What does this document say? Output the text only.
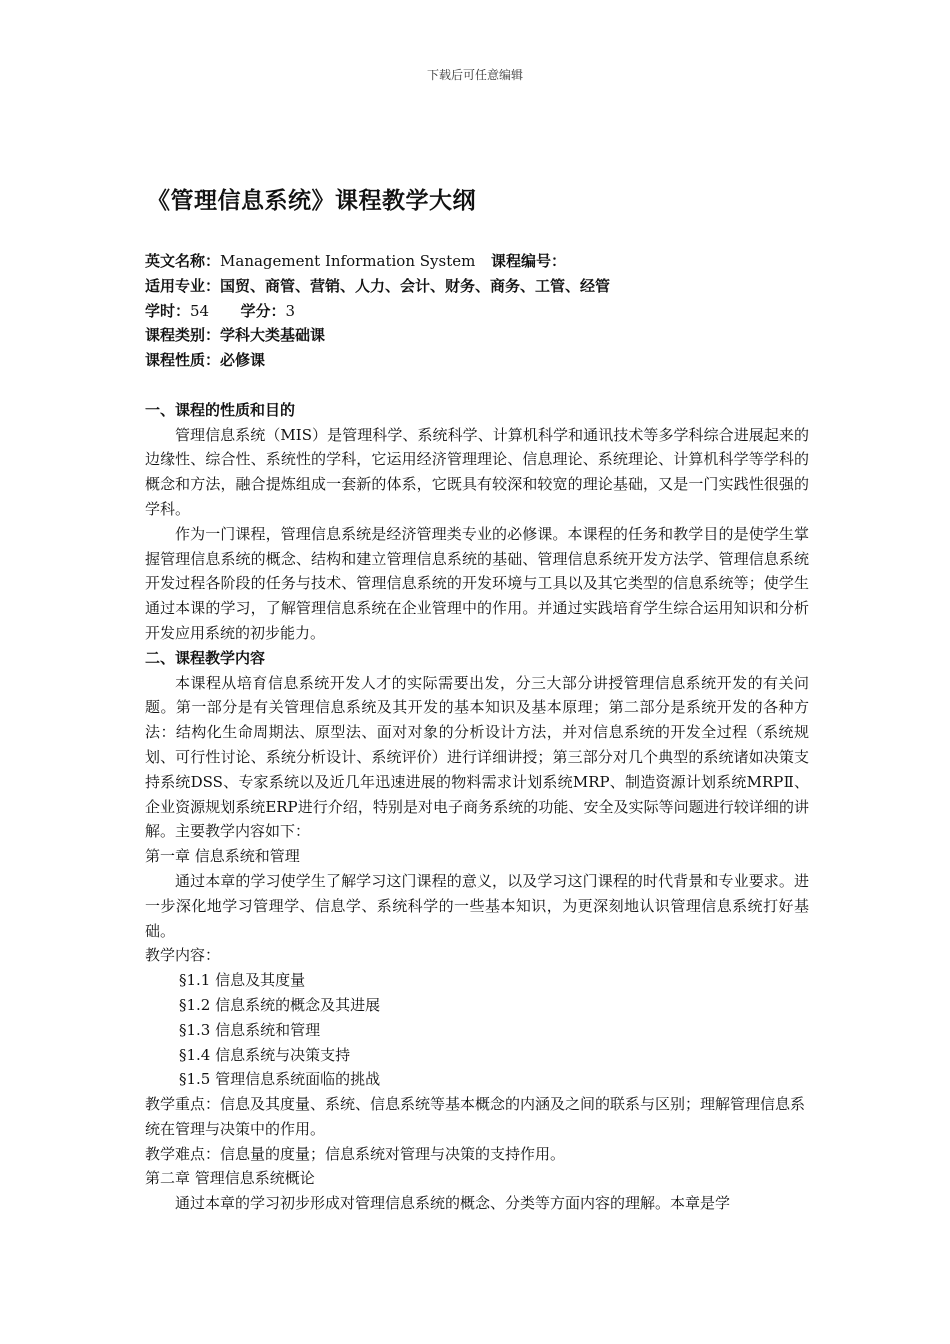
下载后可任意编辑
《管理信息系统》课程教学大纲

英文名称：Management Information System 课程编号：

适用专业：国贸、商管、营销、人力、会计、财务、商务、工管、经管

学时：54 学分：3

课程类别：学科大类基础课

课程性质：必修课

一、课程的性质和目的

管理信息系统（MIS）是管理科学、系统科学、计算机科学和通讯技术等多学科综合进展起来的边缘性、综合性、系统性的学科，它运用经济管理理论、信息理论、系统理论、计算机科学等学科的概念和方法，融合提炼组成一套新的体系，它既具有较深和较宽的理论基础，又是一门实践性很强的学科。

作为一门课程，管理信息系统是经济管理类专业的必修课。本课程的任务和教学目的是使学生掌握管理信息系统的概念、结构和建立管理信息系统的基础、管理信息系统开发方法学、管理信息系统开发过程各阶段的任务与技术、管理信息系统的开发环境与工具以及其它类型的信息系统等；使学生通过本课的学习，了解管理信息系统在企业管理中的作用。并通过实践培育学生综合运用知识和分析开发应用系统的初步能力。

二、课程教学内容

本课程从培育信息系统开发人才的实际需要出发，分三大部分讲授管理信息系统开发的有关问题。第一部分是有关管理信息系统及其开发的基本知识及基本原理；第二部分是系统开发的各种方法：结构化生命周期法、原型法、面对对象的分析设计方法，并对信息系统的开发全过程（系统规划、可行性讨论、系统分析设计、系统评价）进行详细讲授；第三部分对几个典型的系统诸如决策支持系统DSS、专家系统以及近几年迅速进展的物料需求计划系统MRP、制造资源计划系统MRPⅡ、企业资源规划系统ERP进行介绍，特别是对电子商务系统的功能、安全及实际等问题进行较详细的讲解。主要教学内容如下：

第一章 信息系统和管理

通过本章的学习使学生了解学习这门课程的意义，以及学习这门课程的时代背景和专业要求。进一步深化地学习管理学、信息学、系统科学的一些基本知识，为更深刻地认识管理信息系统打好基础。

教学内容：

§1.1 信息及其度量

§1.2 信息系统的概念及其进展

§1.3 信息系统和管理

§1.4 信息系统与决策支持

§1.5 管理信息系统面临的挑战

教学重点：信息及其度量、系统、信息系统等基本概念的内涵及之间的联系与区别；理解管理信息系统在管理与决策中的作用。

教学难点：信息量的度量；信息系统对管理与决策的支持作用。

第二章 管理信息系统概论

通过本章的学习初步形成对管理信息系统的概念、分类等方面内容的理解。本章是学
